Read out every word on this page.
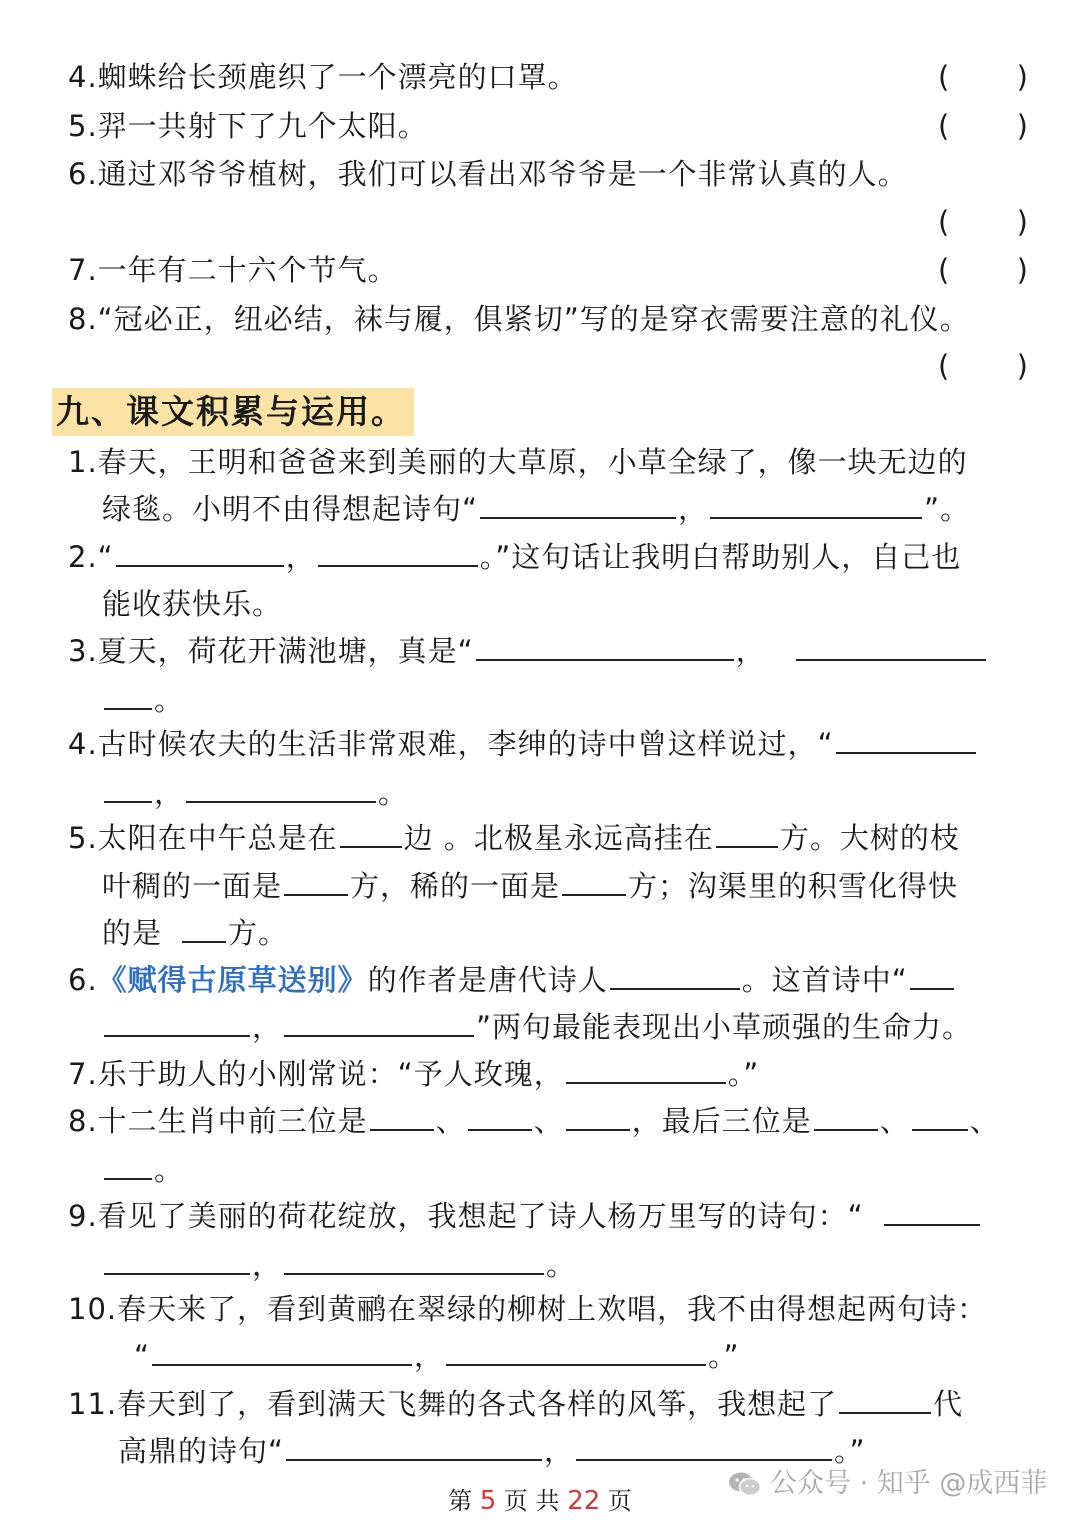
4.蜘蛛给长颈鹿织了一个漂亮的口罩。	( )
5.羿一共射下了九个太阳。	( )
6.通过邓爷爷植树，我们可以看出邓爷爷是一个非常认真的人。
( )
7.一年有二十六个节气。	( )
8.“冠必正，纽必结，袜与履，俱紧切”写的是穿衣需要注意的礼仪。
( )
九、课文积累与运用。
1.春天，王明和爸爸来到美丽的大草原，小草全绿了，像一块无边的
绿毯。小明不由得想起诗句“	，	”。
2.“	，	。”这句话让我明白帮助别人，自己也
能收获快乐。
3.夏天，荷花开满池塘，真是“	，
。
4.古时候农夫的生活非常艰难，李绅的诗中曾这样说过，“
，	。
5.太阳在中午总是在 边 。北极星永远高挂在 方。大树的枝
叶稠的一面是 方，稀的一面是 方；沟渠里的积雪化得快
的是 方。
6.《赋得古原草送别》的作者是唐代诗人	。这首诗中“
，	”两句最能表现出小草顽强的生命力。
7.乐于助人的小刚常说：“予人玫瑰，	。”
8.十二生肖中前三位是 、 、 ，最后三位是 、 、
。
9.看见了美丽的荷花绽放，我想起了诗人杨万里写的诗句：“
，	。
10.春天来了，看到黄鹂在翠绿的柳树上欢唱，我不由得想起两句诗：
“	，	。”
11.春天到了，看到满天飞舞的各式各样的风筝，我想起了	代
高鼎的诗句“	，	。”
公众号 · 知乎 @成西菲
第 5 页 共 22 页
